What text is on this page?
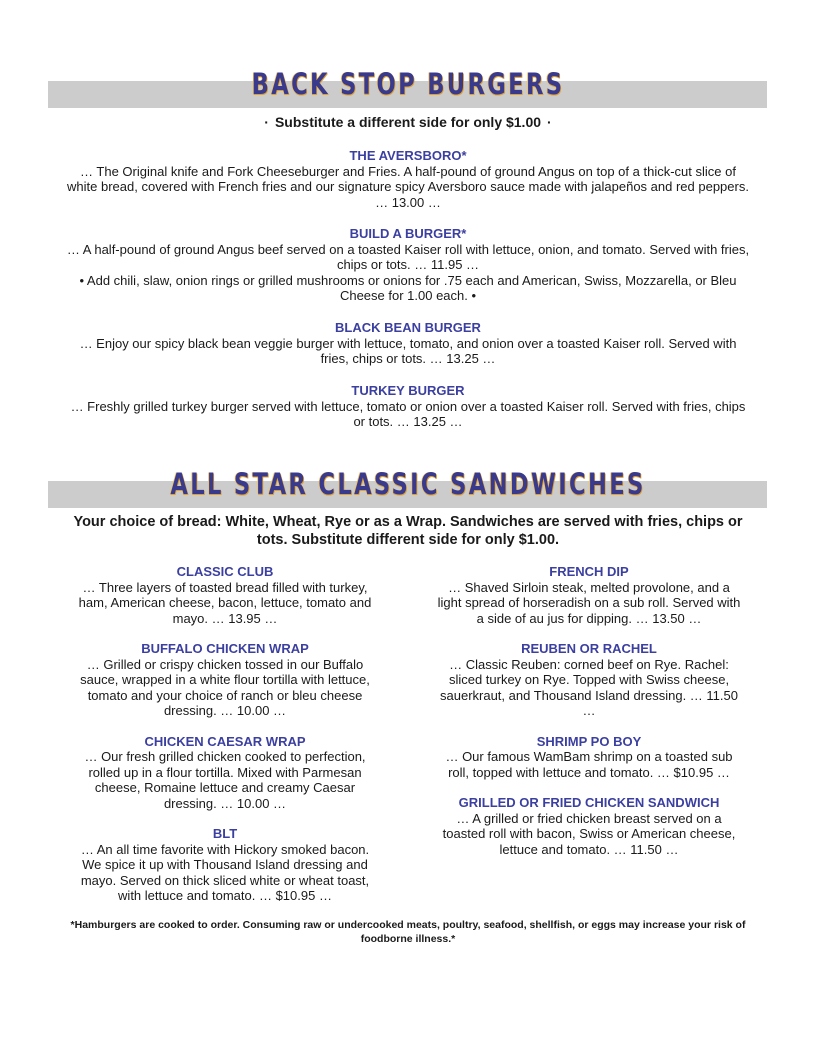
BACK STOP BURGERS
· Substitute a different side for only $1.00 ·
THE AVERSBORO*
… The Original knife and Fork Cheeseburger and Fries. A half-pound of ground Angus on top of a thick-cut slice of white bread, covered with French fries and our signature spicy Aversboro sauce made with jalapeños and red peppers. … 13.00 …
BUILD A BURGER*
… A half-pound of ground Angus beef served on a toasted Kaiser roll with lettuce, onion, and tomato. Served with fries, chips or tots. … 11.95 …
• Add chili, slaw, onion rings or grilled mushrooms or onions for .75 each and American, Swiss, Mozzarella, or Bleu Cheese for 1.00 each. •
BLACK BEAN BURGER
… Enjoy our spicy black bean veggie burger with lettuce, tomato, and onion over a toasted Kaiser roll. Served with fries, chips or tots. … 13.25 …
TURKEY BURGER
… Freshly grilled turkey burger served with lettuce, tomato or onion over a toasted Kaiser roll. Served with fries, chips or tots. … 13.25 …
ALL STAR CLASSIC SANDWICHES
Your choice of bread: White, Wheat, Rye or as a Wrap. Sandwiches are served with fries, chips or tots. Substitute different side for only $1.00.
CLASSIC CLUB
… Three layers of toasted bread filled with turkey, ham, American cheese, bacon, lettuce, tomato and mayo. … 13.95 …
BUFFALO CHICKEN WRAP
… Grilled or crispy chicken tossed in our Buffalo sauce, wrapped in a white flour tortilla with lettuce, tomato and your choice of ranch or bleu cheese dressing. … 10.00 …
CHICKEN CAESAR WRAP
… Our fresh grilled chicken cooked to perfection, rolled up in a flour tortilla. Mixed with Parmesan cheese, Romaine lettuce and creamy Caesar dressing. … 10.00 …
BLT
… An all time favorite with Hickory smoked bacon. We spice it up with Thousand Island dressing and mayo. Served on thick sliced white or wheat toast, with lettuce and tomato. … $10.95 …
FRENCH DIP
… Shaved Sirloin steak, melted provolone, and a light spread of horseradish on a sub roll. Served with a side of au jus for dipping. … 13.50 …
REUBEN OR RACHEL
… Classic Reuben: corned beef on Rye. Rachel: sliced turkey on Rye. Topped with Swiss cheese, sauerkraut, and Thousand Island dressing. … 11.50 …
SHRIMP PO BOY
… Our famous WamBam shrimp on a toasted sub roll, topped with lettuce and tomato. … $10.95 …
GRILLED OR FRIED CHICKEN SANDWICH
… A grilled or fried chicken breast served on a toasted roll with bacon, Swiss or American cheese, lettuce and tomato. … 11.50 …
*Hamburgers are cooked to order. Consuming raw or undercooked meats, poultry, seafood, shellfish, or eggs may increase your risk of foodborne illness.*
